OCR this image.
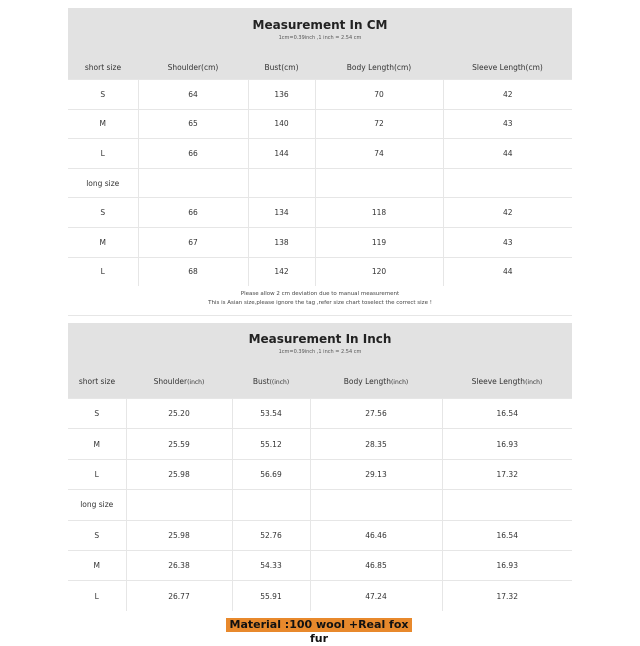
Measurement In CM
1cm=0.39inch ,1 inch = 2.54 cm
short size	Shoulder(cm)	Bust(cm)	Body Length(cm)	Sleeve Length(cm)
S	64	136	70	42
M	65	140	72	43
L	66	144	74	44
long size				
S	66	134	118	42
M	67	138	119	43
L	68	142	120	44
Please allow 2 cm deviation due to manual measurement
This is Asian size,please ignore the tag ,refer size chart toselect the correct size !
Measurement In Inch
1cm=0.39inch ,1 inch = 2.54 cm
short size	Shoulder(inch)	Bust((inch)	Body Length(inch)	Sleeve Length(inch)
S	25.20	53.54	27.56	16.54
M	25.59	55.12	28.35	16.93
L	25.98	56.69	29.13	17.32
long size				
S	25.98	52.76	46.46	16.54
M	26.38	54.33	46.85	16.93
L	26.77	55.91	47.24	17.32
Material :100 wool +Real fox fur
